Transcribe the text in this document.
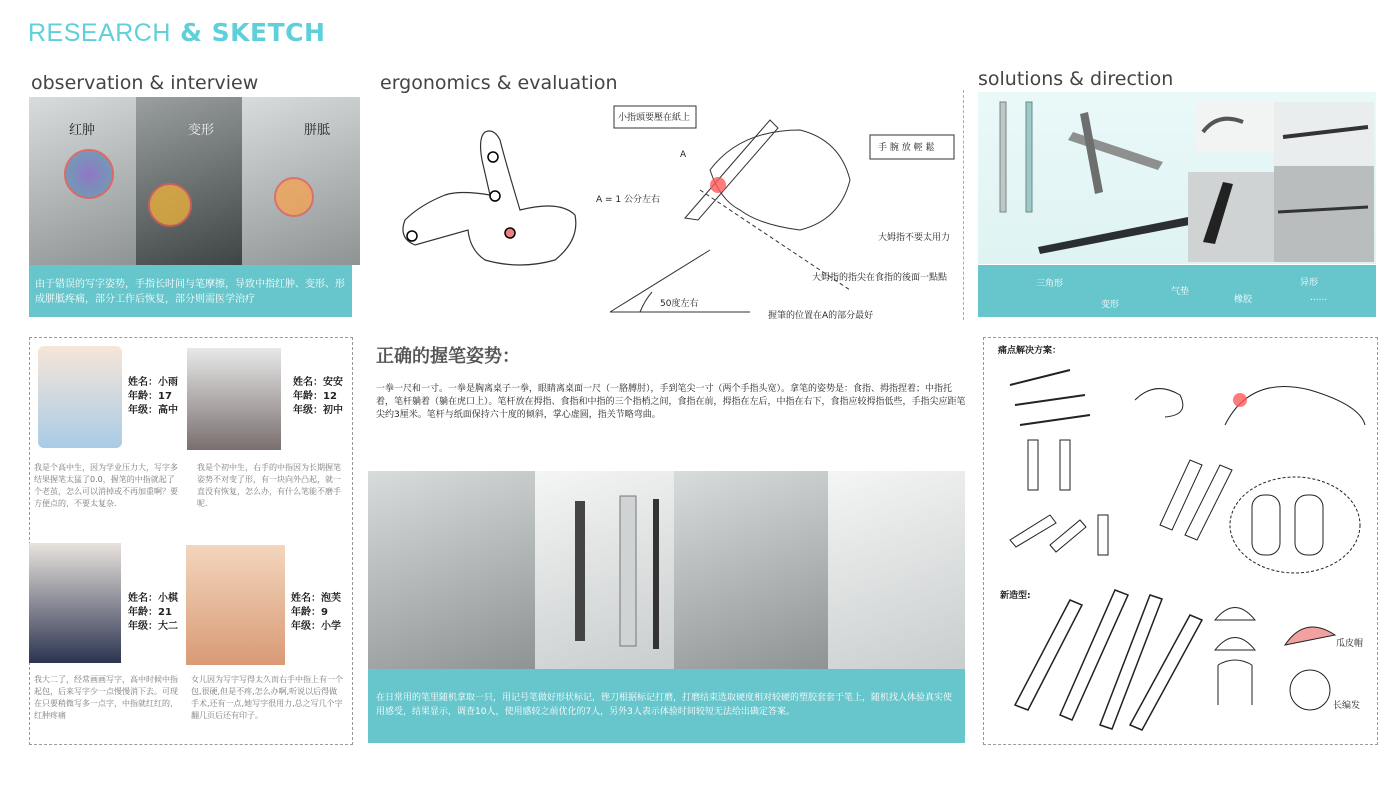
RESEARCH & SKETCH
observation & interview
红肿	变形	胼胝
由于错误的写字姿势，手指长时间与笔摩擦，导致中指红肿、变形、形成胼胝疼痛，部分工作后恢复，部分则需医学治疗
ergonomics & evaluation
小指頭要壓在紙上
手 腕 放 輕 鬆
A = 1 公分左右
A
大姆指不要太用力
大姆指的指尖在食指的後面一點點
50度左右
握筆的位置在A的部分最好
solutions & direction
三角形
气垫
异形
变形	橡胶	......
姓名：小雨
年龄：17
年级：高中
我是个高中生，因为学业压力大，写字多结果握笔太猛了0.0，握笔的中指就起了个老茧，怎么可以消掉或不再加重啊？要方便点的，不要太复杂.
姓名：安安
年龄：12
年级：初中
我是个初中生，右手的中指因为长期握笔姿势不对变了形，有一块向外凸起，就一直没有恢复，怎么办，有什么笔能不磨手呢.
姓名：小棋
年龄：21
年级：大二
我大二了，经常画画写字，高中时候中指起包，后来写字少一点慢慢消下去。可现在只要稍微写多一点字，中指就红红的，红肿疼痛
姓名：泡芙
年龄：9
年级：小学
女儿因为写字写得太久而右手中指上有一个包,很硬,但是不疼,怎么办啊,听说以后得做手术,还有一点,她写字很用力,总之写几个字翻几页后还有印子。
正确的握笔姿势：
一拳一尺和一寸。一拳是胸离桌子一拳，眼睛离桌面一尺（一胳膊肘），手到笔尖一寸（两个手指头宽）。拿笔的姿势是：食指、拇指捏着；中指托着，笔杆躺着（躺在虎口上）。笔杆放在拇指、食指和中指的三个指梢之间，食指在前，拇指在左后，中指在右下，食指应较拇指低些，手指尖应距笔尖约3厘米。笔杆与纸面保持六十度的倾斜，掌心虚圆，指关节略弯曲。
在日常用的笔里随机拿取一只，用记号笔做好形状标记，锉刀根据标记打磨，打磨结束选取硬度相对较硬的塑胶套套于笔上，随机找人体验真实使用感受，结果显示，调查10人，使用感较之前优化的7人，另外3人表示体验时间较短无法给出确定答案。
痛点解决方案：
新造型:
瓜皮帽
长编发
